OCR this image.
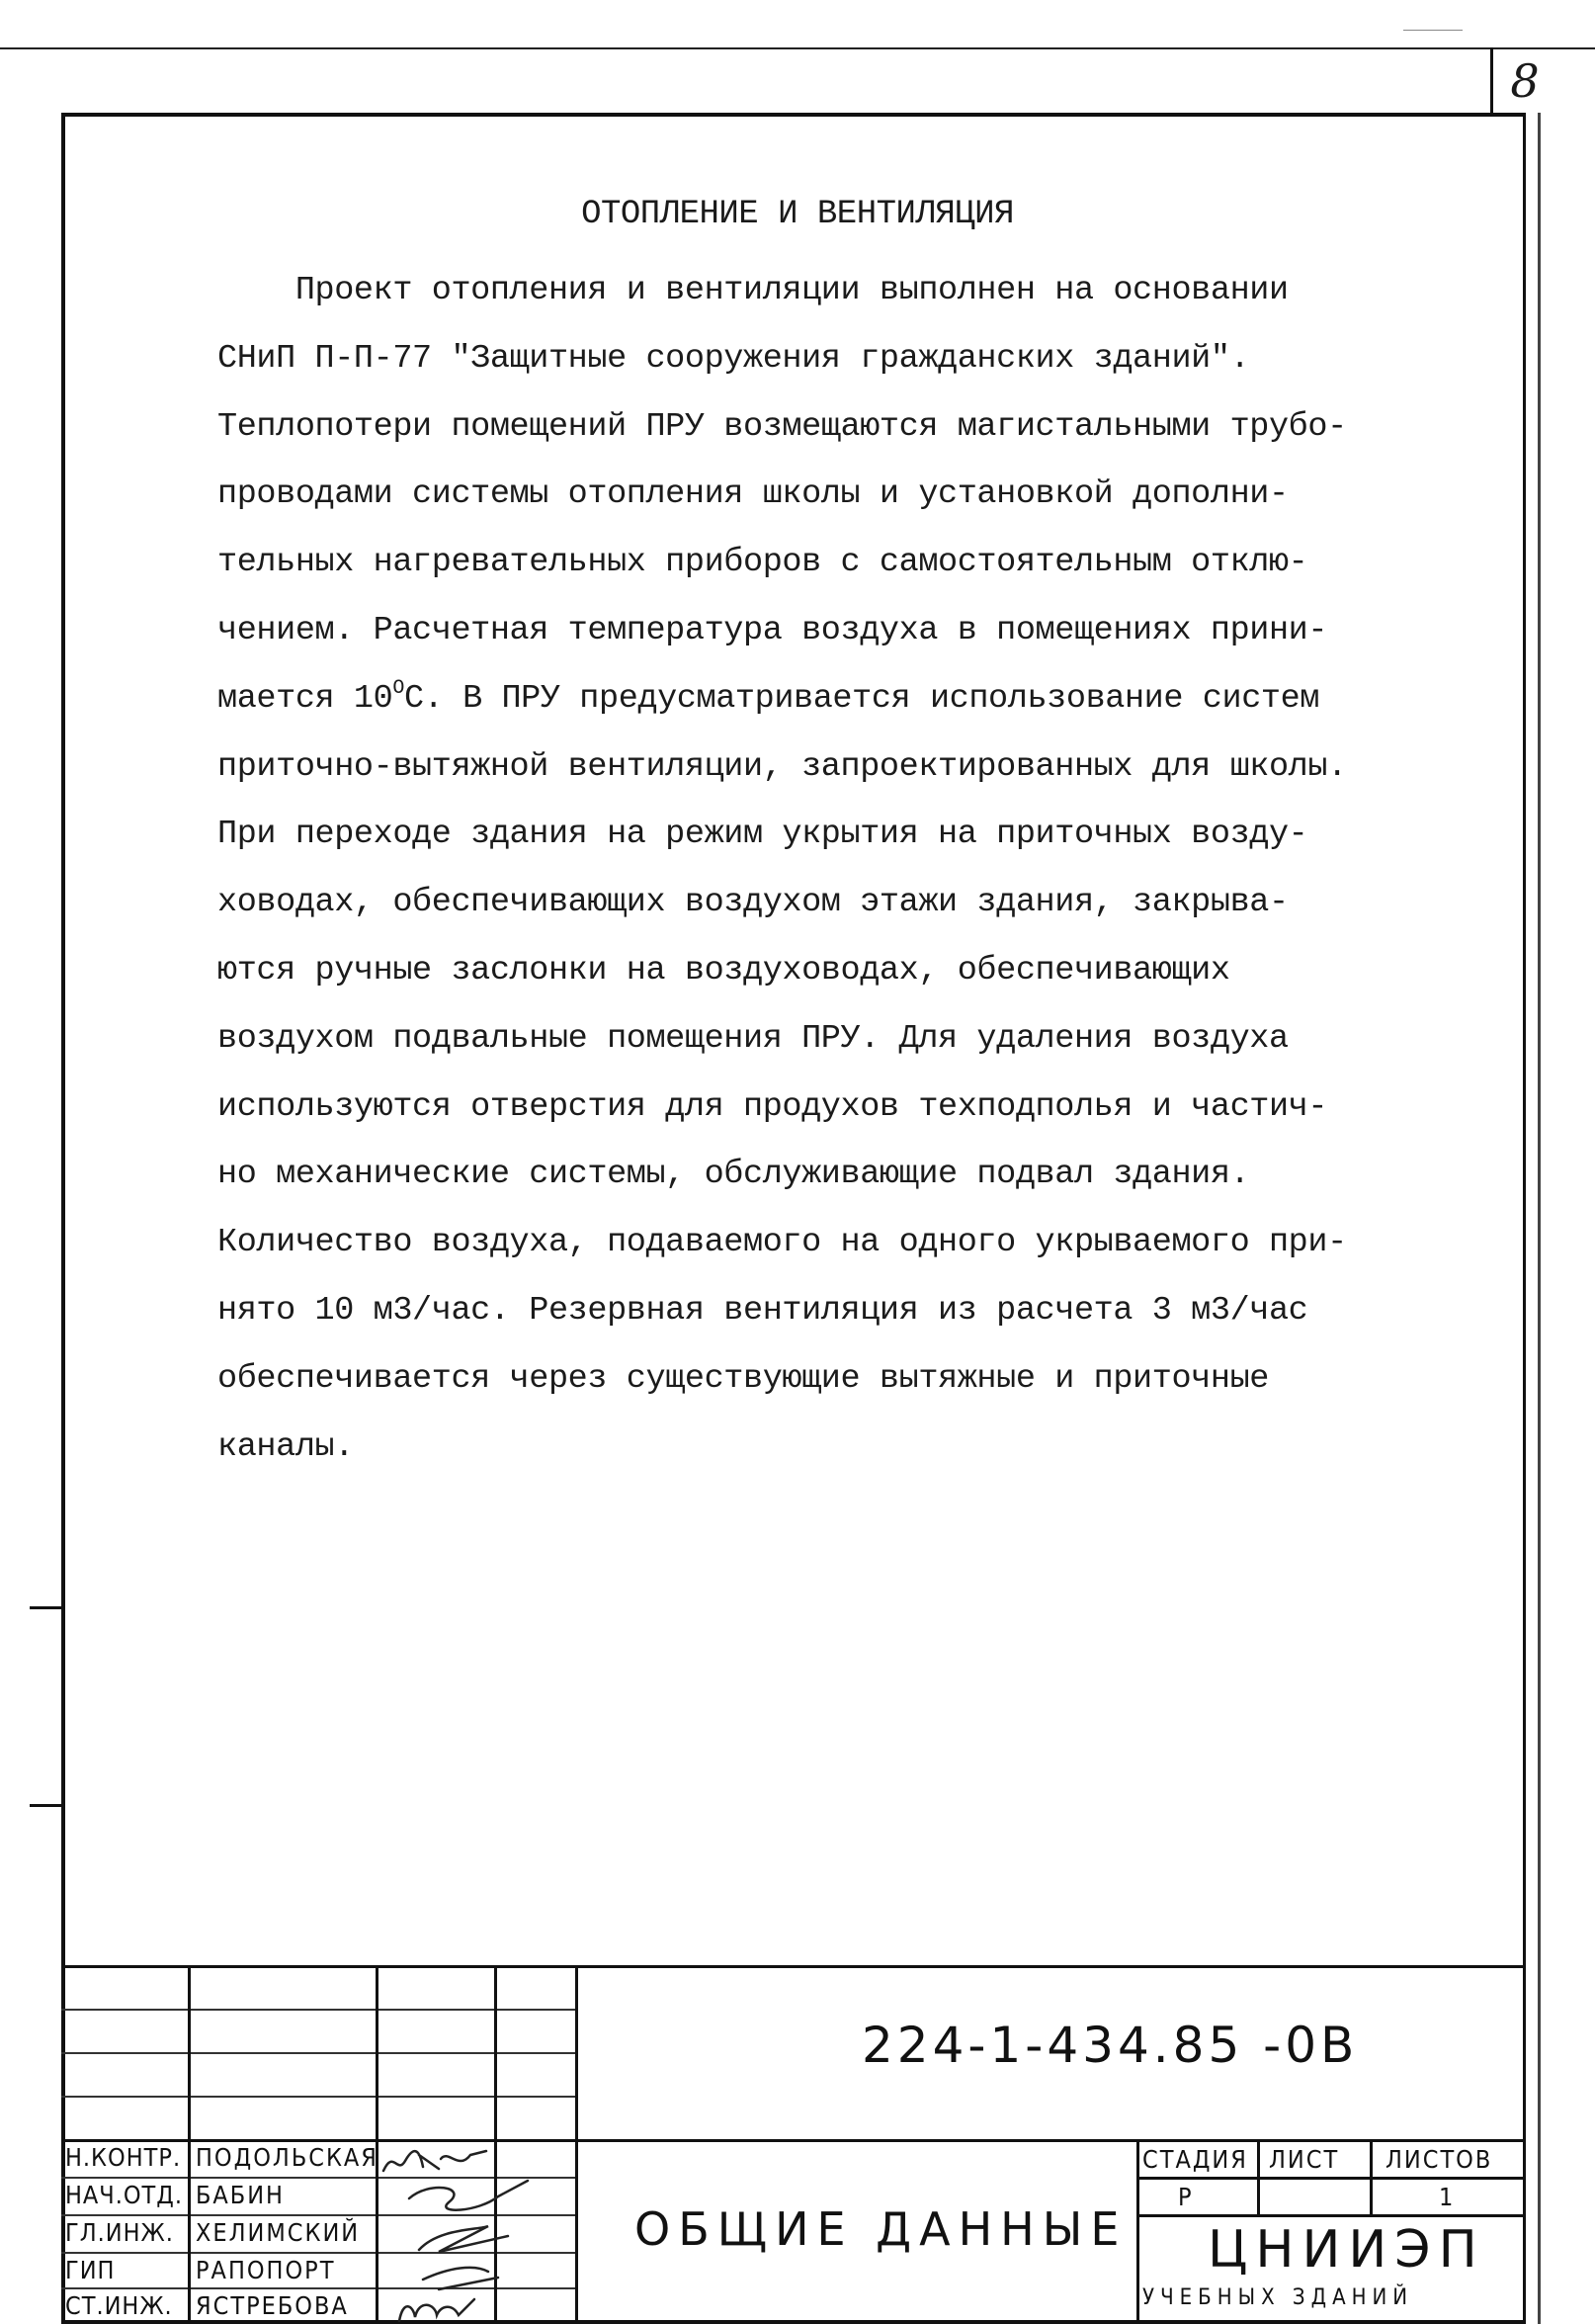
8
ОТОПЛЕНИЕ И ВЕНТИЛЯЦИЯ
Проект отопления и вентиляции выполнен на основании
СНиП П-П-77 "Защитные сооружения гражданских зданий".
Теплопотери помещений ПРУ возмещаются магистальными трубо-
проводами системы отопления школы и установкой дополни-
тельных нагревательных приборов с самостоятельным отклю-
чением. Расчетная температура воздуха в помещениях прини-
мается $10^ОС$. В ПРУ предусматривается использование систем
приточно-вытяжной вентиляции, запроектированных для школы.
При переходе здания на режим укрытия на приточных возду-
ховодах, обеспечивающих воздухом этажи здания, закрыва-
ются ручные заслонки на воздуховодах, обеспечивающих
воздухом подвальные помещения ПРУ. Для удаления воздуха
используются отверстия для продухов техподполья и частич-
но механические системы, обслуживающие подвал здания.
Количество воздуха, подаваемого на одного укрываемого при-
нято 10 м3/час. Резервная вентиляция из расчета 3 м3/час
обеспечивается через существующие вытяжные и приточные
каналы.
224-1-434.85 -0В
Н.КОНТР. ПОДОЛЬСКАЯ
НАЧ.ОТД. БАБИН
ГЛ.ИНЖ. ХЕЛИМСКИЙ
ГИП	РАПОПОРТ
СТ.ИНЖ. ЯСТРЕБОВА
ОБЩИЕ ДАННЫЕ
СТАДИЯ ЛИСТ ЛИСТОВ
Р	1
ЦНИИЭП
УЧЕБНЫХ ЗДАНИЙ
